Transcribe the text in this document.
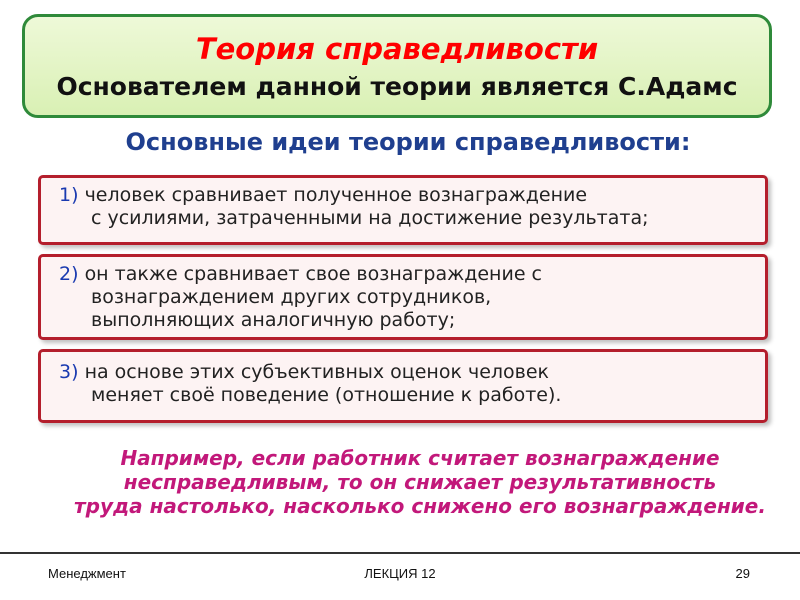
Теория справедливости
Основателем данной теории является С.Адамс
Основные идеи теории справедливости:
1) человек сравнивает полученное вознаграждение
с усилиями, затраченными на достижение результата;
2) он также сравнивает свое вознаграждение с
вознаграждением других сотрудников,
выполняющих аналогичную работу;
3) на основе этих субъективных оценок человек
меняет своё поведение (отношение к работе).
Например, если работник считает вознаграждение
несправедливым, то он снижает результативность
труда настолько, насколько снижено его вознаграждение.
Менеджмент	ЛЕКЦИЯ 12	29
